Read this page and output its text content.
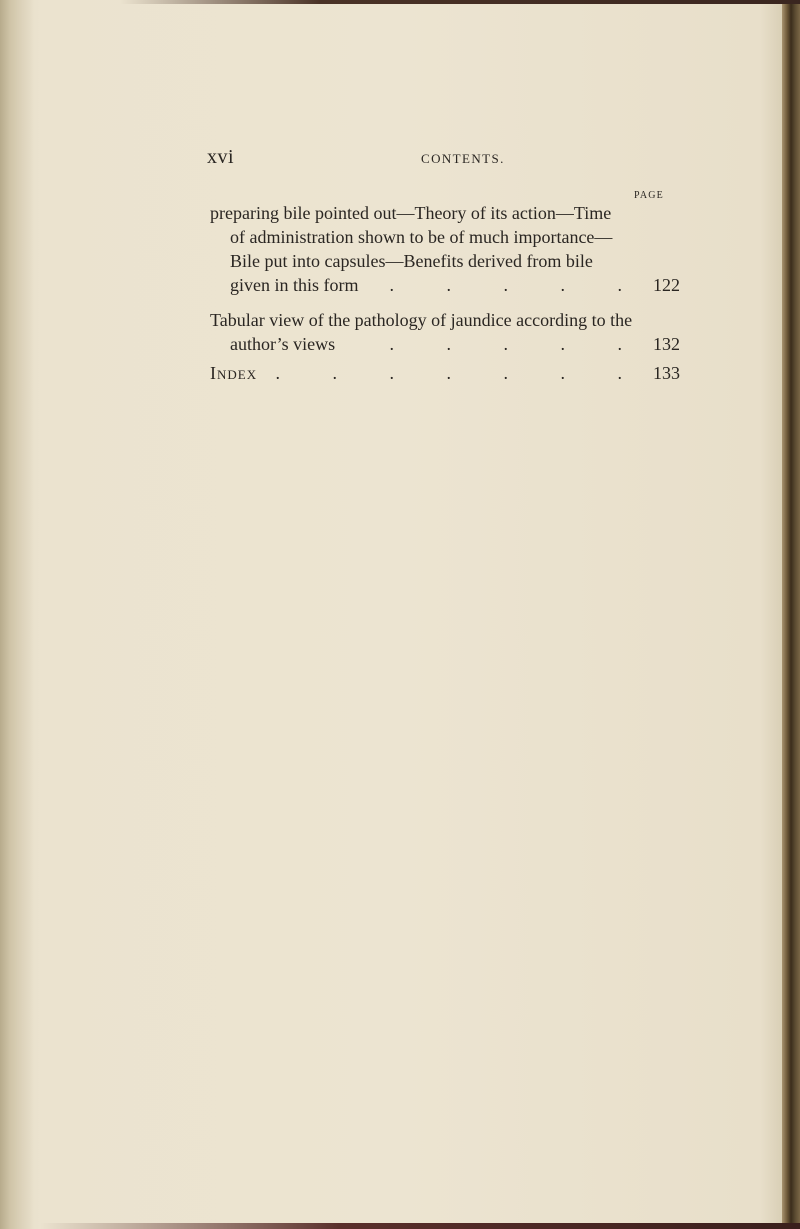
xvi	CONTENTS.
PAGE
preparing bile pointed out—Theory of its action—Time
of administration shown to be of much importance—
Bile put into capsules—Benefits derived from bile
given in this form	. . . . . 122
Tabular view of the pathology of jaundice according to the
author’s views	. . . . . 132
Index	. . . . . . . 133
